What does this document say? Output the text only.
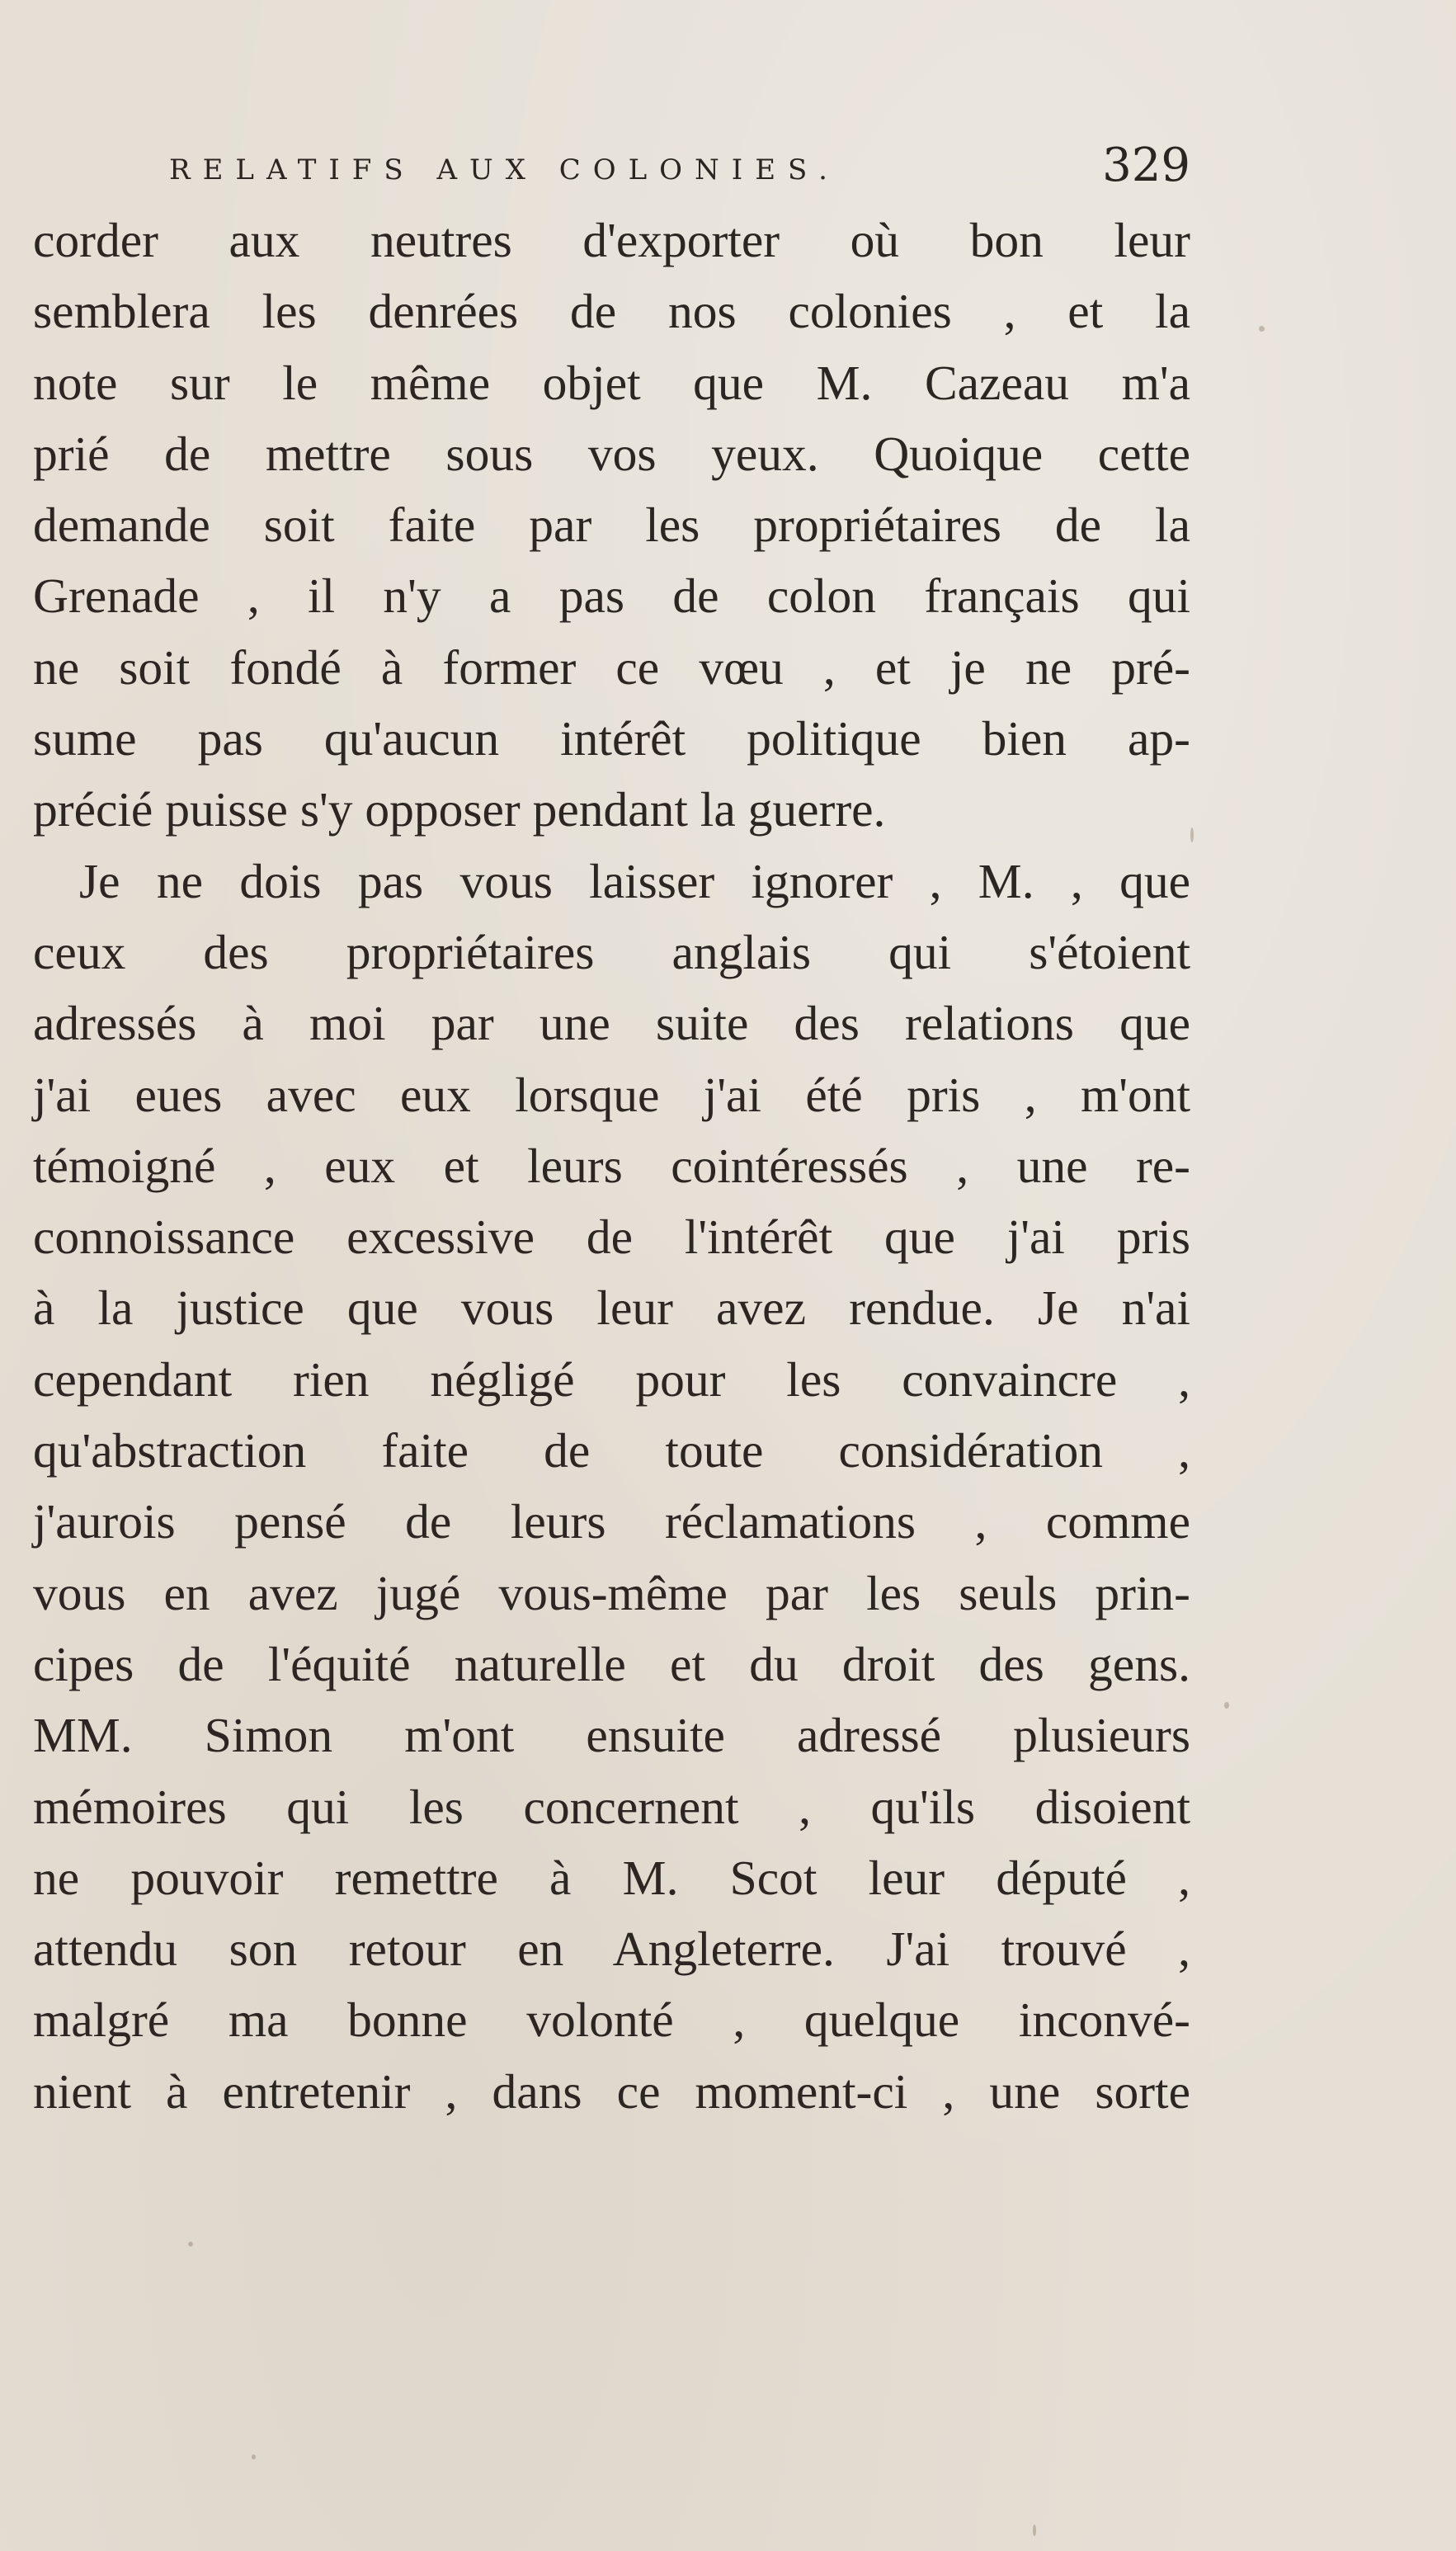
RELATIFS AUX COLONIES.	329
corder aux neutres d'exporter où bon leur
semblera les denrées de nos colonies , et la
note sur le même objet que M. Cazeau m'a
prié de mettre sous vos yeux. Quoique cette
demande soit faite par les propriétaires de la
Grenade , il n'y a pas de colon français qui
ne soit fondé à former ce vœu , et je ne pré-
sume pas qu'aucun intérêt politique bien ap-
précié puisse s'y opposer pendant la guerre.
Je ne dois pas vous laisser ignorer , M. , que
ceux des propriétaires anglais qui s'étoient
adressés à moi par une suite des relations que
j'ai eues avec eux lorsque j'ai été pris , m'ont
témoigné , eux et leurs cointéressés , une re-
connoissance excessive de l'intérêt que j'ai pris
à la justice que vous leur avez rendue. Je n'ai
cependant rien négligé pour les convaincre ,
qu'abstraction faite de toute considération ,
j'aurois pensé de leurs réclamations , comme
vous en avez jugé vous-même par les seuls prin-
cipes de l'équité naturelle et du droit des gens.
MM. Simon m'ont ensuite adressé plusieurs
mémoires qui les concernent , qu'ils disoient
ne pouvoir remettre à M. Scot leur député ,
attendu son retour en Angleterre. J'ai trouvé ,
malgré ma bonne volonté , quelque inconvé-
nient à entretenir , dans ce moment-ci , une sorte
